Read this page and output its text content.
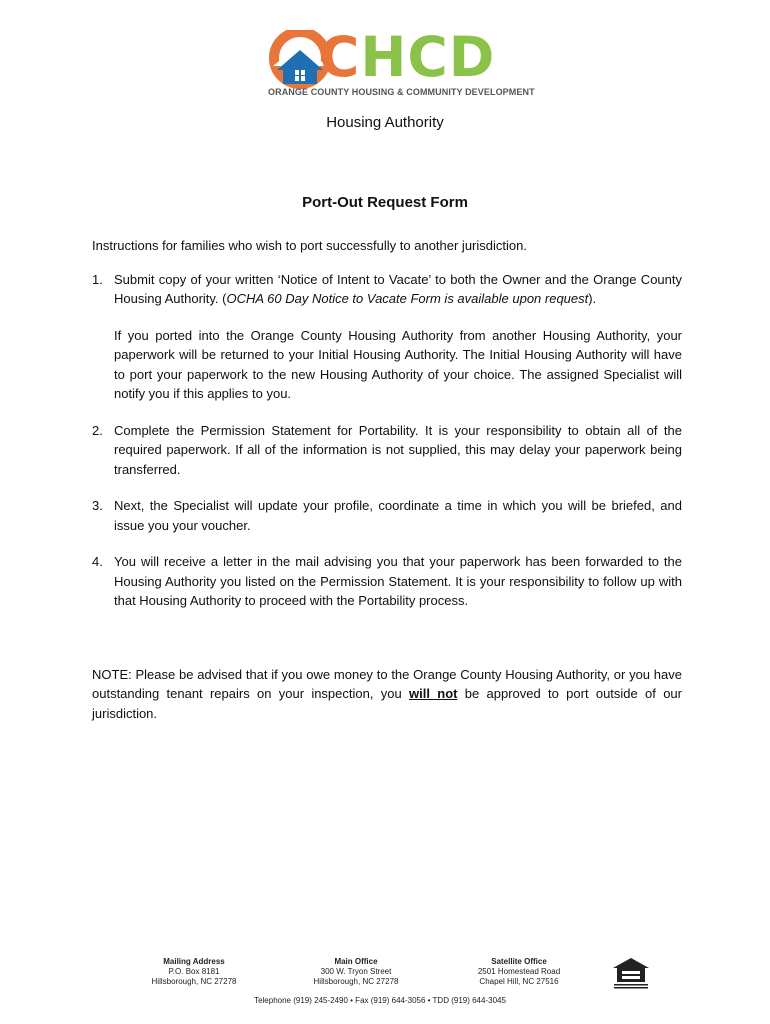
CHCD
ORANGE COUNTY HOUSING & COMMUNITY DEVELOPMENT
Housing Authority
Port-Out Request Form

Instructions for families who wish to port successfully to another jurisdiction.

1. Submit copy of your written ‘Notice of Intent to Vacate’ to both the Owner and the Orange County Housing Authority. (OCHA 60 Day Notice to Vacate Form is available upon request).

If you ported into the Orange County Housing Authority from another Housing Authority, your paperwork will be returned to your Initial Housing Authority. The Initial Housing Authority will have to port your paperwork to the new Housing Authority of your choice. The assigned Specialist will notify you if this applies to you.

2. Complete the Permission Statement for Portability. It is your responsibility to obtain all of the required paperwork. If all of the information is not supplied, this may delay your paperwork being transferred.

3. Next, the Specialist will update your profile, coordinate a time in which you will be briefed, and issue you your voucher.

4. You will receive a letter in the mail advising you that your paperwork has been forwarded to the Housing Authority you listed on the Permission Statement. It is your responsibility to follow up with that Housing Authority to proceed with the Portability process.

NOTE: Please be advised that if you owe money to the Orange County Housing Authority, or you have outstanding tenant repairs on your inspection, you will not be approved to port outside of our jurisdiction.

Mailing Address
P.O. Box 8181
Hillsborough, NC 27278
Main Office
300 W. Tryon Street
Hillsborough, NC 27278
Satellite Office
2501 Homestead Road
Chapel Hill, NC 27516
Telephone (919) 245-2490 • Fax (919) 644-3056 • TDD (919) 644-3045
